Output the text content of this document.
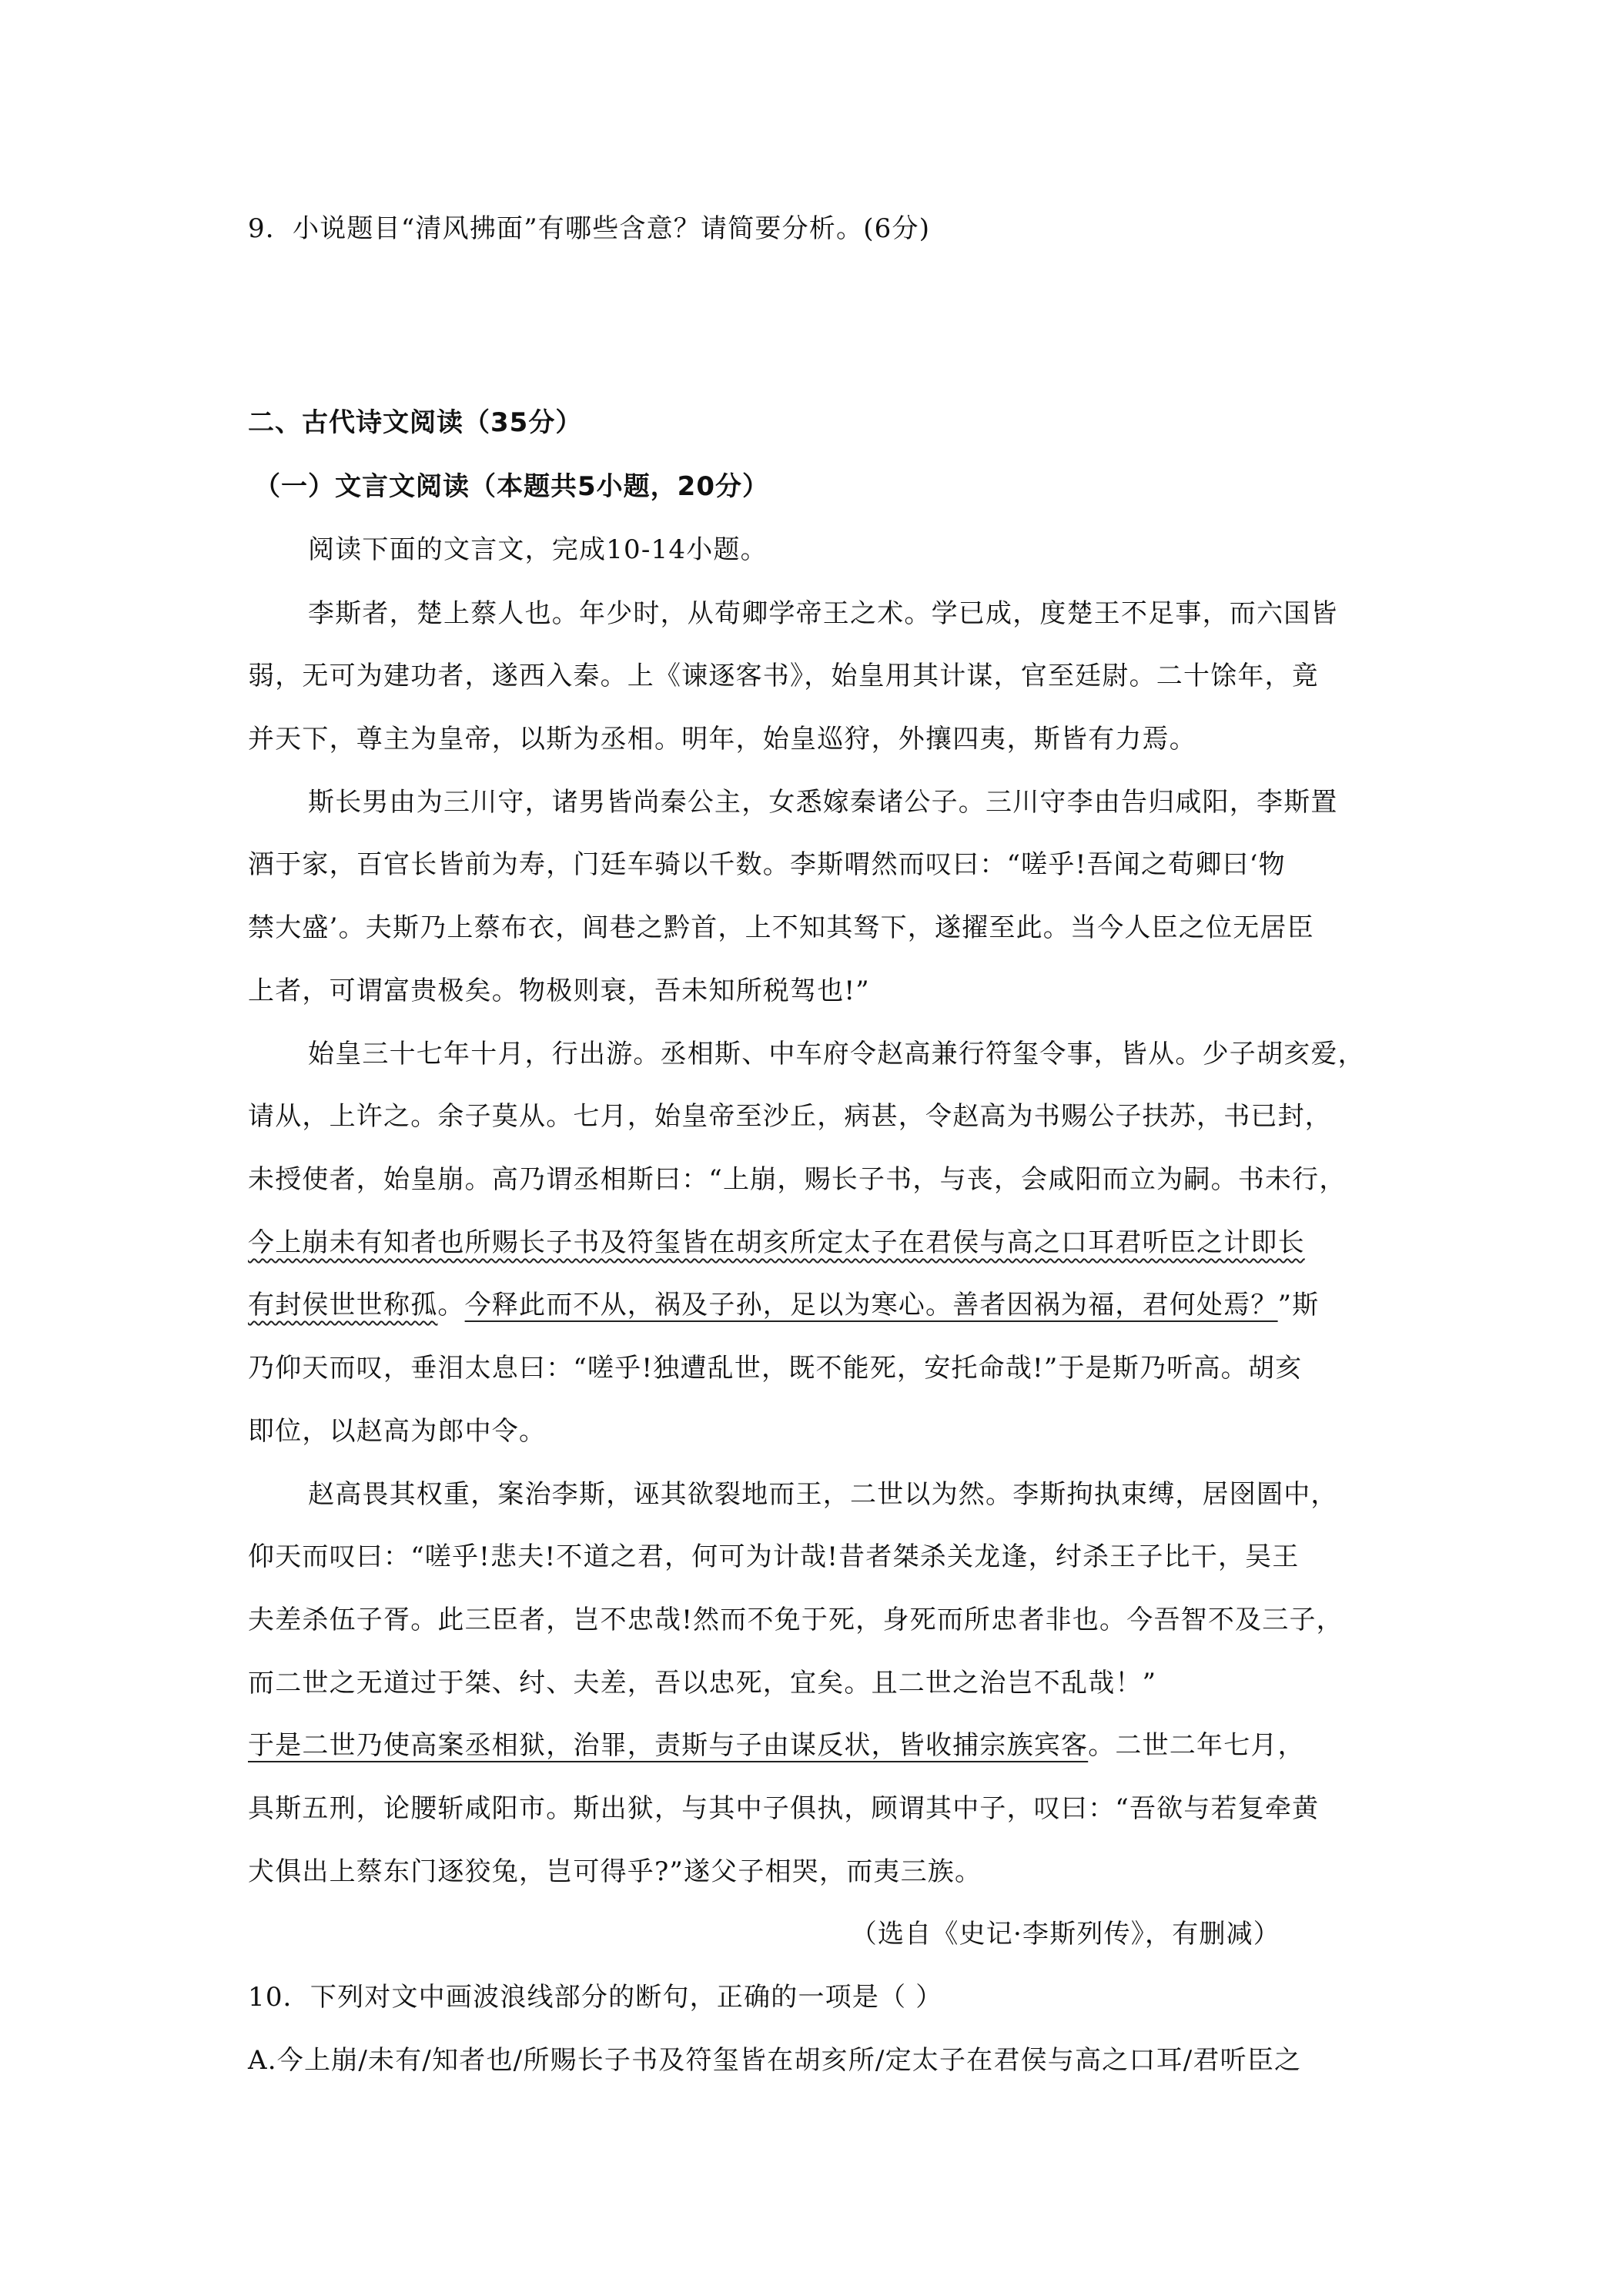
9．小说题目“清风拂面”有哪些含意？请简要分析。(6分)

二、古代诗文阅读（35分）

（一）文言文阅读（本题共5小题，20分）

阅读下面的文言文，完成10-14小题。

李斯者，楚上蔡人也。年少时，从荀卿学帝王之术。学已成，度楚王不足事，而六国皆

弱，无可为建功者，遂西入秦。上《谏逐客书》，始皇用其计谋，官至廷尉。二十馀年，竟

并天下，尊主为皇帝，以斯为丞相。明年，始皇巡狩，外攘四夷，斯皆有力焉。

斯长男由为三川守，诸男皆尚秦公主，女悉嫁秦诸公子。三川守李由告归咸阳，李斯置

酒于家，百官长皆前为寿，门廷车骑以千数。李斯喟然而叹曰：“嗟乎!吾闻之荀卿曰‘物

禁大盛’。夫斯乃上蔡布衣，闾巷之黔首，上不知其驽下，遂擢至此。当今人臣之位无居臣

上者，可谓富贵极矣。物极则衰，吾未知所税驾也!”

始皇三十七年十月，行出游。丞相斯、中车府令赵高兼行符玺令事，皆从。少子胡亥爱，

请从，上许之。余子莫从。七月，始皇帝至沙丘，病甚，令赵高为书赐公子扶苏，书已封，

未授使者，始皇崩。高乃谓丞相斯曰：“上崩，赐长子书，与丧，会咸阳而立为嗣。书未行，

今上崩未有知者也所赐长子书及符玺皆在胡亥所定太子在君侯与高之口耳君听臣之计即长

有封侯世世称孤。今释此而不从，祸及子孙，足以为寒心。善者因祸为福，君何处焉？”斯

乃仰天而叹，垂泪太息曰：“嗟乎!独遭乱世，既不能死，安托命哉!”于是斯乃听高。胡亥

即位，以赵高为郎中令。

赵高畏其权重，案治李斯，诬其欲裂地而王，二世以为然。李斯拘执束缚，居囹圄中，

仰天而叹曰：“嗟乎!悲夫!不道之君，何可为计哉!昔者桀杀关龙逢，纣杀王子比干，吴王

夫差杀伍子胥。此三臣者，岂不忠哉!然而不免于死，身死而所忠者非也。今吾智不及三子，

而二世之无道过于桀、纣、夫差，吾以忠死，宜矣。且二世之治岂不乱哉！”

于是二世乃使高案丞相狱，治罪，责斯与子由谋反状，皆收捕宗族宾客。二世二年七月，

具斯五刑，论腰斩咸阳市。斯出狱，与其中子俱执，顾谓其中子，叹曰：“吾欲与若复牵黄

犬俱出上蔡东门逐狡兔，岂可得乎?”遂父子相哭，而夷三族。

（选自《史记·李斯列传》，有删减）

10．下列对文中画波浪线部分的断句，正确的一项是（ ）

A.今上崩/未有/知者也/所赐长子书及符玺皆在胡亥所/定太子在君侯与高之口耳/君听臣之
